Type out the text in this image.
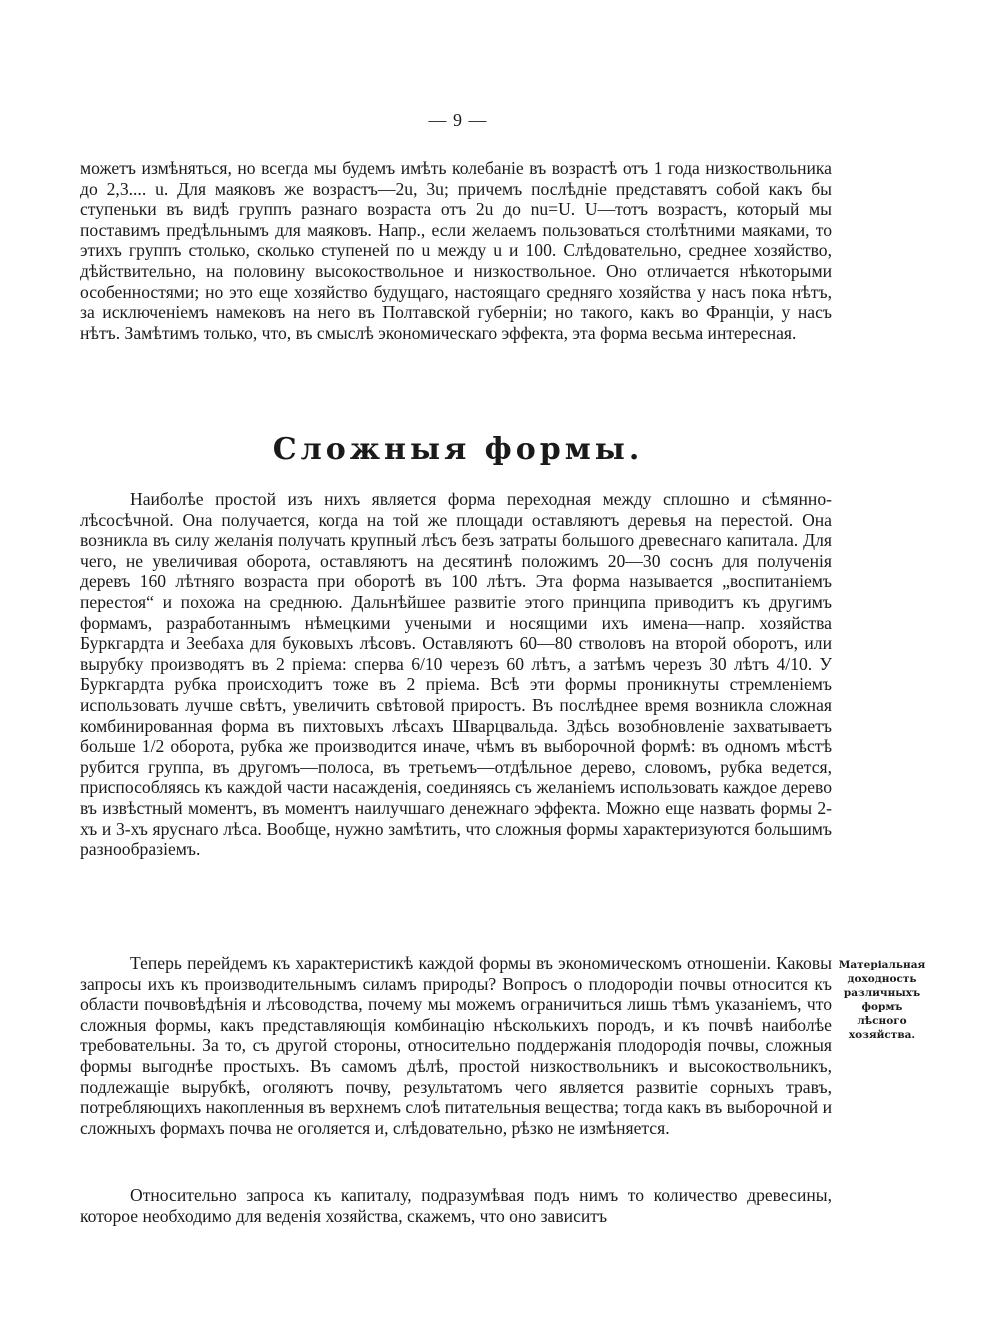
— 9 —

можетъ измѣняться, но всегда мы будемъ имѣть колебаніе въ возрастѣ отъ 1 года низкоствольника до 2,3.... u. Для маяковъ же возрастъ—2u, 3u; причемъ послѣдніе представятъ собой какъ бы ступеньки въ видѣ группъ разнаго возраста отъ 2u до nu=U. U—тотъ возрастъ, который мы поставимъ предѣльнымъ для маяковъ. Напр., если желаемъ пользоваться столѣтними маяками, то этихъ группъ столько, сколько ступеней по u между u и 100. Слѣдовательно, среднее хозяйство, дѣйствительно, на половину высокоствольное и низкоствольное. Оно отличается нѣкоторыми особенностями; но это еще хозяйство будущаго, настоящаго средняго хозяйства у насъ пока нѣтъ, за исключеніемъ намековъ на него въ Полтавской губерніи; но такого, какъ во Франціи, у насъ нѣтъ. Замѣтимъ только, что, въ смыслѣ экономическаго эффекта, эта форма весьма интересная.

Сложныя формы.

Наиболѣе простой изъ нихъ является форма переходная между сплошно и сѣмянно-лѣсосѣчной. Она получается, когда на той же площади оставляютъ деревья на перестой. Она возникла въ силу желанія получать крупный лѣсъ безъ затраты большого древеснаго капитала. Для чего, не увеличивая оборота, оставляютъ на десятинѣ положимъ 20—30 соснъ для полученія деревъ 160 лѣтняго возраста при оборотѣ въ 100 лѣтъ. Эта форма называется „воспитаніемъ перестоя“ и похожа на среднюю. Дальнѣйшее развитіе этого принципа приводитъ къ другимъ формамъ, разработаннымъ нѣмецкими учеными и носящими ихъ имена—напр. хозяйства Буркгардта и Зеебаха для буковыхъ лѣсовъ. Оставляютъ 60—80 стволовъ на второй оборотъ, или вырубку производятъ въ 2 пріема: сперва 6/10 черезъ 60 лѣтъ, а затѣмъ черезъ 30 лѣтъ 4/10. У Буркгардта рубка происходитъ тоже въ 2 пріема. Всѣ эти формы проникнуты стремленіемъ использовать лучше свѣтъ, увеличить свѣтовой приростъ. Въ послѣднее время возникла сложная комбинированная форма въ пихтовыхъ лѣсахъ Шварцвальда. Здѣсь возобновленіе захватываетъ больше 1/2 оборота, рубка же производится иначе, чѣмъ въ выборочной формѣ: въ одномъ мѣстѣ рубится группа, въ другомъ—полоса, въ третьемъ—отдѣльное дерево, словомъ, рубка ведется, приспособляясь къ каждой части насажденія, соединяясь съ желаніемъ использовать каждое дерево въ извѣстный моментъ, въ моментъ наилучшаго денежнаго эффекта. Можно еще назвать формы 2-хъ и 3-хъ яруснаго лѣса. Вообще, нужно замѣтить, что сложныя формы характеризуются большимъ разнообразіемъ.

Теперь перейдемъ къ характеристикѣ каждой формы въ экономическомъ отношеніи. Каковы запросы ихъ къ производительнымъ силамъ природы? Вопросъ о плодородіи почвы относится къ области почвовѣдѣнія и лѣсоводства, почему мы можемъ ограничиться лишь тѣмъ указаніемъ, что сложныя формы, какъ представляющія комбинацію нѣсколькихъ породъ, и къ почвѣ наиболѣе требовательны. За то, съ другой стороны, относительно поддержанія плодородія почвы, сложныя формы выгоднѣе простыхъ. Въ самомъ дѣлѣ, простой низкоствольникъ и высокоствольникъ, подлежащіе вырубкѣ, оголяютъ почву, результатомъ чего является развитіе сорныхъ травъ, потребляющихъ накопленныя въ верхнемъ слоѣ питательныя вещества; тогда какъ въ выборочной и сложныхъ формахъ почва не оголяется и, слѣдовательно, рѣзко не измѣняется.

Матеріальная доходность различныхъ формъ лѣсного хозяйства.

Относительно запроса къ капиталу, подразумѣвая подъ нимъ то количество древесины, которое необходимо для веденія хозяйства, скажемъ, что оно зависитъ
